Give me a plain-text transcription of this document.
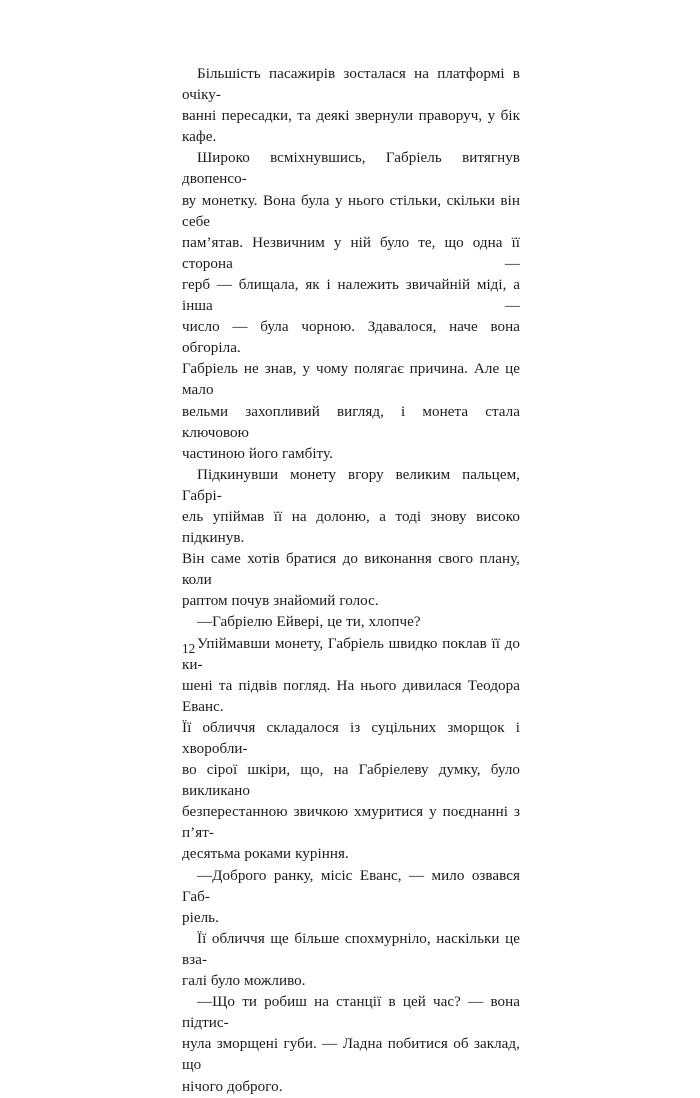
Більшість пасажирів зосталася на платформі в очіку-
ванні пересадки, та деякі звернули праворуч, у бік кафе.

Широко всміхнувшись, Габріель витягнув двопенсо-
ву монетку. Вона була у нього стільки, скільки він себе
пам’ятав. Незвичним у ній було те, що одна її сторона —
герб — блищала, як і належить звичайній міді, а інша —
число — була чорною. Здавалося, наче вона обгоріла.
Габріель не знав, у чому полягає причина. Але це мало
вельми захопливий вигляд, і монета стала ключовою
частиною його гамбіту.

Підкинувши монету вгору великим пальцем, Габрі-
ель упіймав її на долоню, а тоді знову високо підкинув.
Він саме хотів братися до виконання свого плану, коли
раптом почув знайомий голос.

—Габріелю Ейвері, це ти, хлопче?

Упіймавши монету, Габріель швидко поклав її до ки-
шені та підвів погляд. На нього дивилася Теодора Еванс.
Її обличчя складалося із суцільних зморщок і хворобли-
во сірої шкіри, що, на Габріелеву думку, було викликано
безперестанною звичкою хмуритися у поєднанні з п’ят-
десятьма роками куріння.

—Доброго ранку, місіс Еванс, — мило озвався Габ-
ріель.

Її обличчя ще більше спохмурніло, наскільки це вза-
галі було можливо.

—Що ти робиш на станції в цей час? — вона підтис-
нула зморщені губи. — Ладна побитися об заклад, що
нічого доброго.

12
